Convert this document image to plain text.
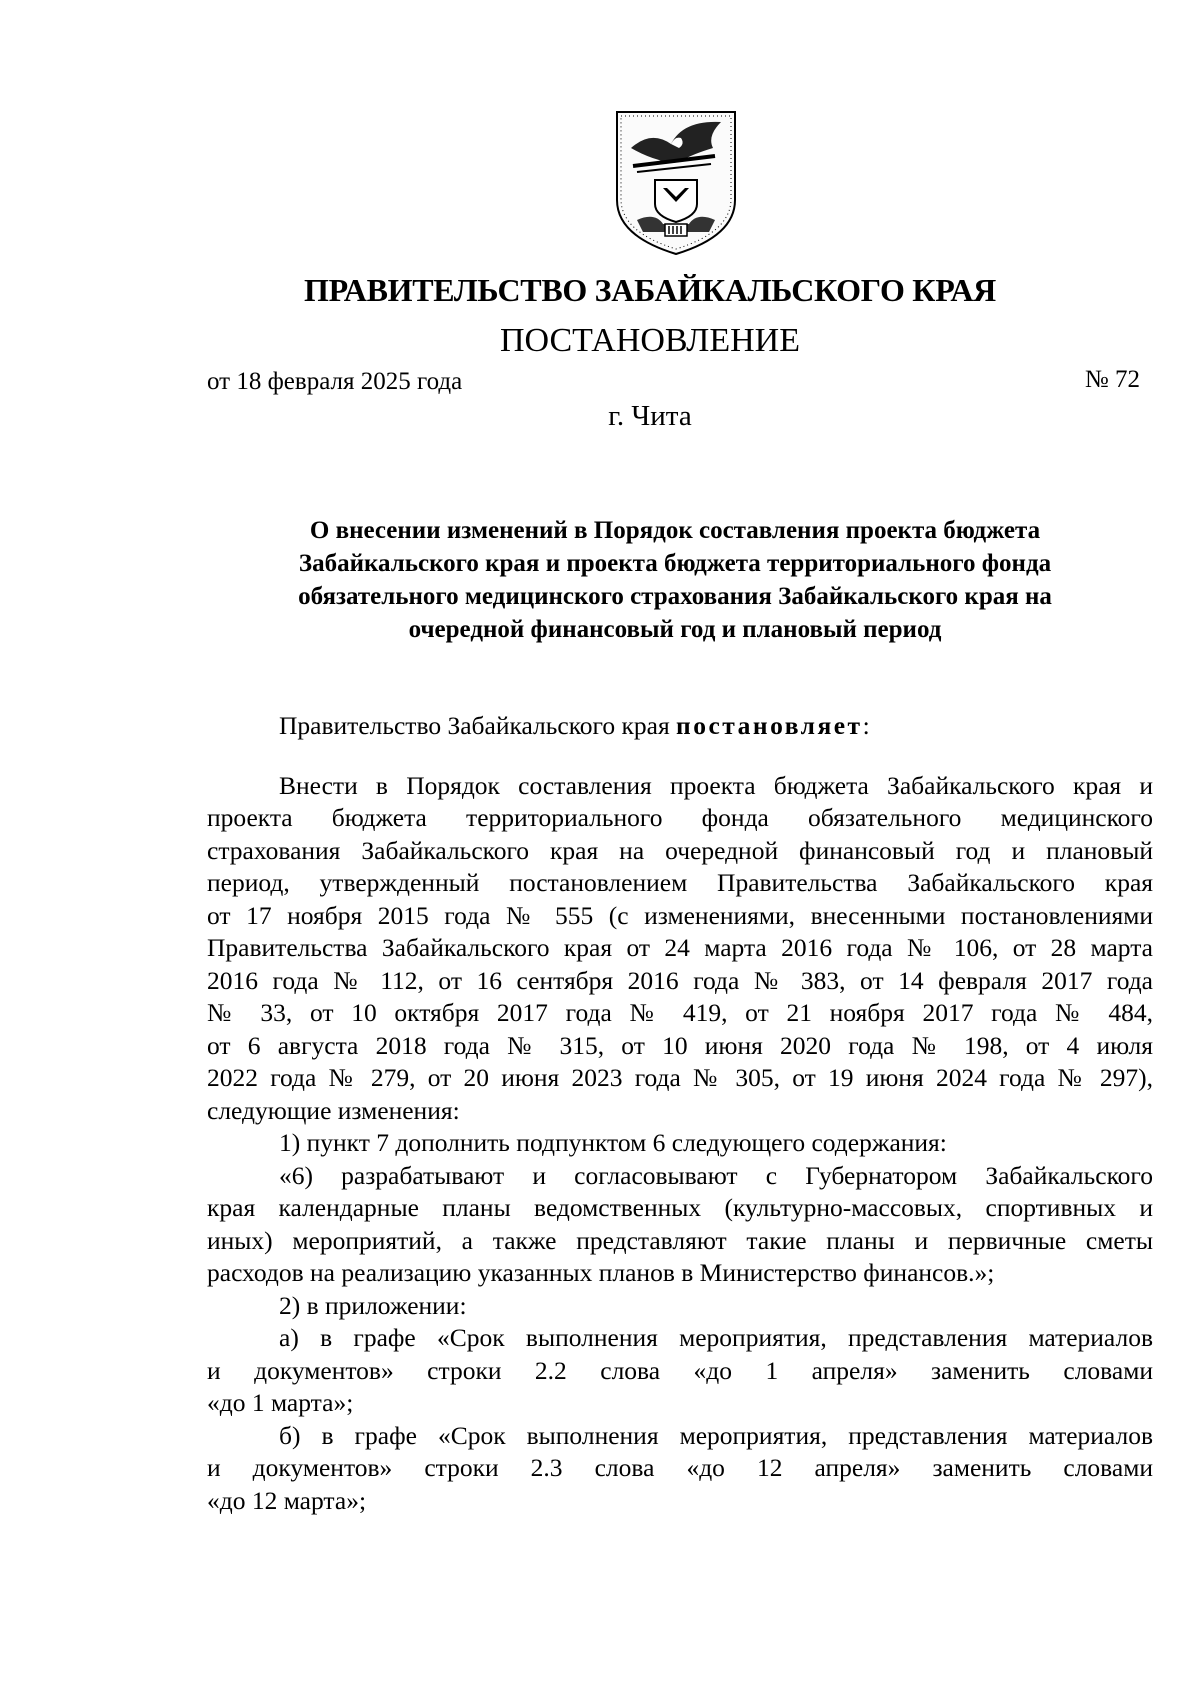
ПРАВИТЕЛЬСТВО ЗАБАЙКАЛЬСКОГО КРАЯ
ПОСТАНОВЛЕНИЕ
от 18 февраля 2025 года	№ 72
г. Чита
О внесении изменений в Порядок составления проекта бюджета
Забайкальского края и проекта бюджета территориального фонда
обязательного медицинского страхования Забайкальского края на
очередной финансовый год и плановый период
Правительство Забайкальского края постановляет:
Внести в Порядок составления проекта бюджета Забайкальского края и
проекта бюджета территориального фонда обязательного медицинского
страхования Забайкальского края на очередной финансовый год и плановый
период, утвержденный постановлением Правительства Забайкальского края
от 17 ноября 2015 года № 555 (с изменениями, внесенными постановлениями
Правительства Забайкальского края от 24 марта 2016 года № 106, от 28 марта
2016 года № 112, от 16 сентября 2016 года № 383, от 14 февраля 2017 года
№ 33, от 10 октября 2017 года № 419, от 21 ноября 2017 года № 484,
от 6 августа 2018 года № 315, от 10 июня 2020 года № 198, от 4 июля
2022 года № 279, от 20 июня 2023 года № 305, от 19 июня 2024 года № 297),
следующие изменения:
1) пункт 7 дополнить подпунктом 6 следующего содержания:
«6) разрабатывают и согласовывают с Губернатором Забайкальского
края календарные планы ведомственных (культурно-массовых, спортивных и
иных) мероприятий, а также представляют такие планы и первичные сметы
расходов на реализацию указанных планов в Министерство финансов.»;
2) в приложении:
а) в графе «Срок выполнения мероприятия, представления материалов
и документов» строки 2.2 слова «до 1 апреля» заменить словами
«до 1 марта»;
б) в графе «Срок выполнения мероприятия, представления материалов
и документов» строки 2.3 слова «до 12 апреля» заменить словами
«до 12 марта»;
